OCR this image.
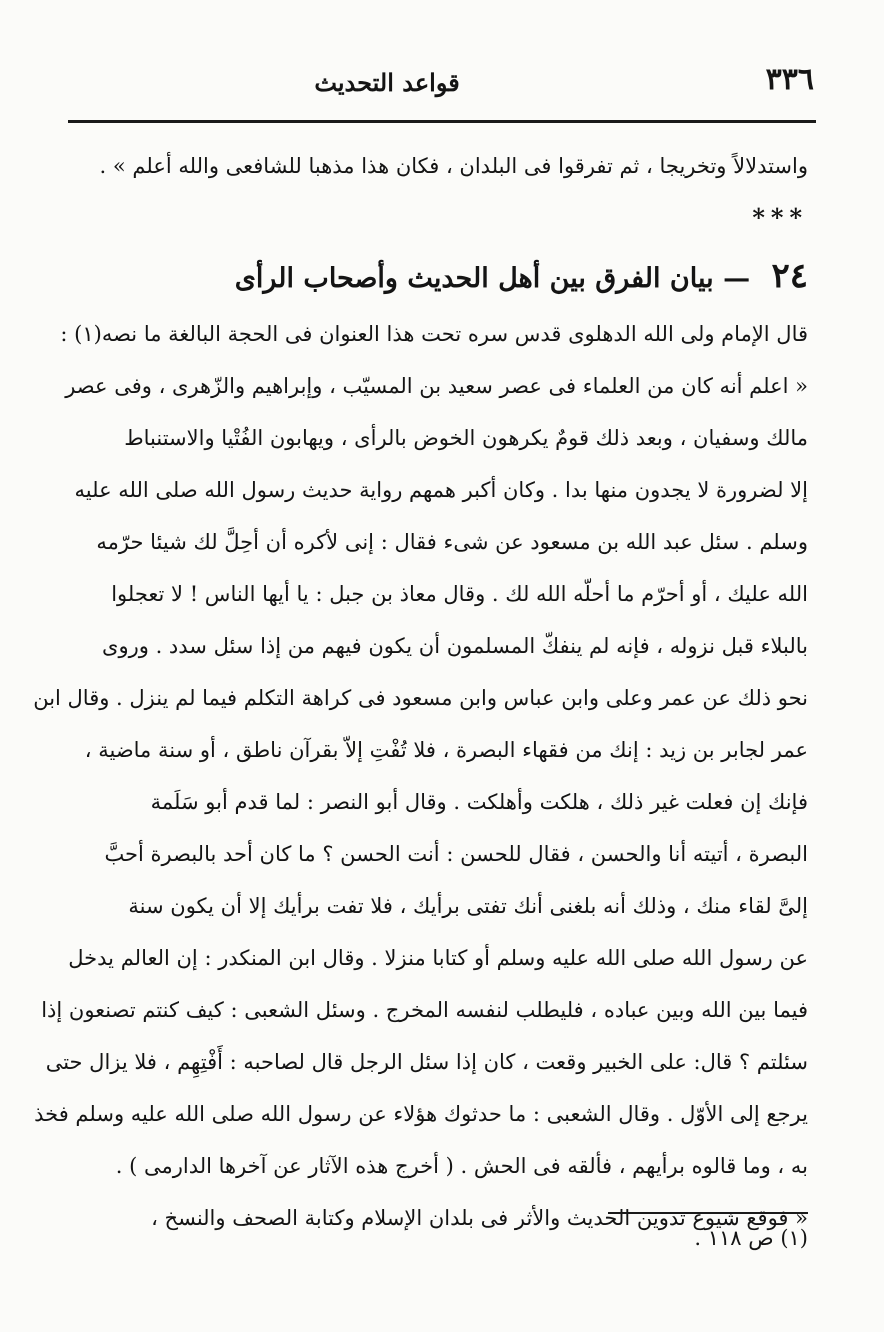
٣٣٦
قواعد التحديث
واستدلالاً وتخريجا ، ثم تفرقوا فى البلدان ، فكان هذا مذهبا للشافعى والله أعلم » .
***
٢٤ — بيان الفرق بين أهل الحديث وأصحاب الرأى
قال الإمام ولى الله الدهلوى قدس سره تحت هذا العنوان فى الحجة البالغة ما نصه(١) :
« اعلم أنه كان من العلماء فى عصر سعيد بن المسيّب ، وإبراهيم والزّهرى ، وفى عصر
مالك وسفيان ، وبعد ذلك قومٌ يكرهون الخوض بالرأى ، ويهابون الفُتْيا والاستنباط
إلا لضرورة لا يجدون منها بدا . وكان أكبر همهم رواية حديث رسول الله صلى الله عليه
وسلم . سئل عبد الله بن مسعود عن شىء فقال : إنى لأكره أن أحِلَّ لك شيئا حرّمه
الله عليك ، أو أحرّم ما أحلّه الله لك . وقال معاذ بن جبل : يا أيها الناس ! لا تعجلوا
بالبلاء قبل نزوله ، فإنه لم ينفكّ المسلمون أن يكون فيهم من إذا سئل سدد . وروى
نحو ذلك عن عمر وعلى وابن عباس وابن مسعود فى كراهة التكلم فيما لم ينزل . وقال ابن
عمر لجابر بن زيد : إنك من فقهاء البصرة ، فلا تُفْتِ إلاّ بقرآن ناطق ، أو سنة ماضية ،
فإنك إن فعلت غير ذلك ، هلكت وأهلكت . وقال أبو النصر : لما قدم أبو سَلَمة
البصرة ، أتيته أنا والحسن ، فقال للحسن : أنت الحسن ؟ ما كان أحد بالبصرة أحبَّ
إلىَّ لقاء منك ، وذلك أنه بلغنى أنك تفتى برأيك ، فلا تفت برأيك إلا أن يكون سنة
عن رسول الله صلى الله عليه وسلم أو كتابا منزلا . وقال ابن المنكدر : إن العالم يدخل
فيما بين الله وبين عباده ، فليطلب لنفسه المخرج . وسئل الشعبى : كيف كنتم تصنعون إذا
سئلتم ؟ قال: على الخبير وقعت ، كان إذا سئل الرجل قال لصاحبه : أَفْتِهِم ، فلا يزال حتى
يرجع إلى الأوّل . وقال الشعبى : ما حدثوك هؤلاء عن رسول الله صلى الله عليه وسلم فخذ
به ، وما قالوه برأيهم ، فألقه فى الحش . ( أخرج هذه الآثار عن آخرها الدارمى ) .
« فوقع شيوع تدوين الحديث والأثر فى بلدان الإسلام وكتابة الصحف والنسخ ،
(١) ص ١١٨ .
